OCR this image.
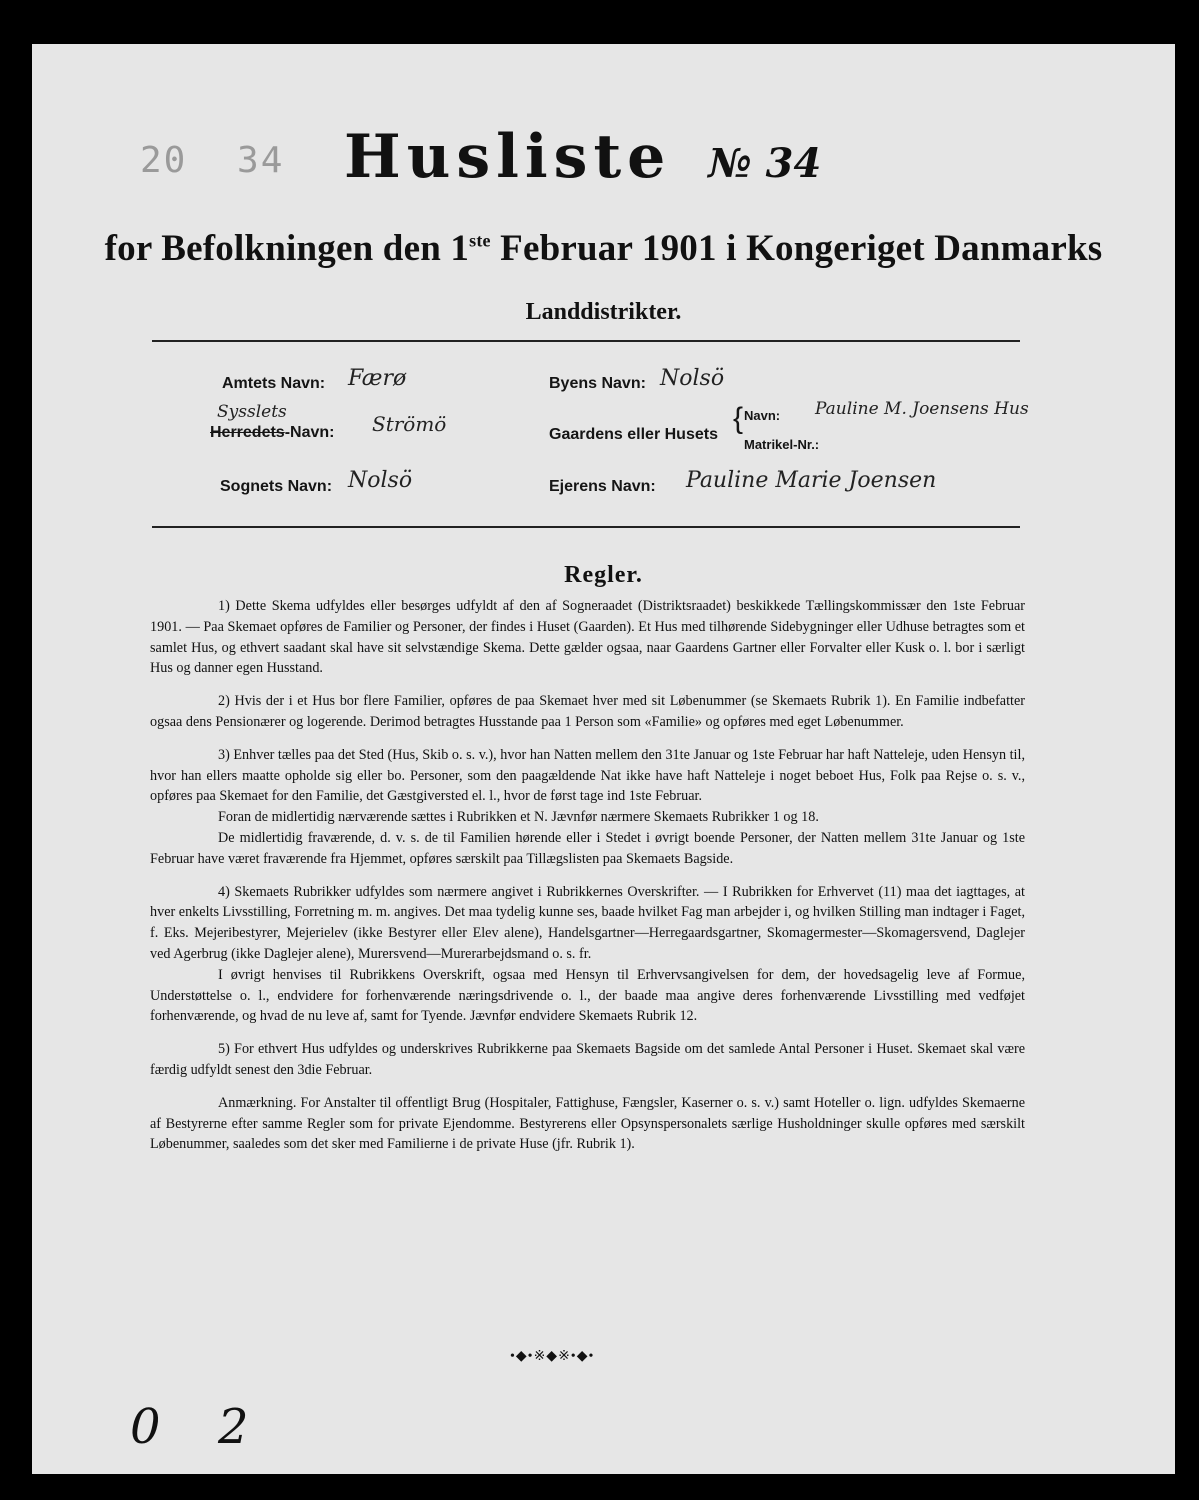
20 34 Husliste № 34
for Befolkningen den 1ste Februar 1901 i Kongeriget Danmarks
Landdistrikter.
Amtets Navn: Færø
Sysslets
Herredets-Navn: Strömö
Sognets Navn: Nolsö
Byens Navn: Nolsö
Gaardens eller Husets { Navn: Pauline M. Joensens Hus
Matrikel-Nr.:
Ejerens Navn: Pauline Marie Joensen
Regler.

1) Dette Skema udfyldes eller besørges udfyldt af den af Sogneraadet (Distriktsraadet) beskikkede Tællingskommissær den 1ste Februar 1901. — Paa Skemaet opføres de Familier og Personer, der findes i Huset (Gaarden). Et Hus med tilhørende Sidebygninger eller Udhuse betragtes som et samlet Hus, og ethvert saadant skal have sit selvstændige Skema. Dette gælder ogsaa, naar Gaardens Gartner eller Forvalter eller Kusk o. l. bor i særligt Hus og danner egen Husstand.

2) Hvis der i et Hus bor flere Familier, opføres de paa Skemaet hver med sit Løbenummer (se Skemaets Rubrik 1). En Familie indbefatter ogsaa dens Pensionærer og logerende. Derimod betragtes Husstande paa 1 Person som «Familie» og opføres med eget Løbenummer.

3) Enhver tælles paa det Sted (Hus, Skib o. s. v.), hvor han Natten mellem den 31te Januar og 1ste Februar har haft Natteleje, uden Hensyn til, hvor han ellers maatte opholde sig eller bo. Personer, som den paagældende Nat ikke have haft Natteleje i noget beboet Hus, Folk paa Rejse o. s. v., opføres paa Skemaet for den Familie, det Gæstgiversted el. l., hvor de først tage ind 1ste Februar.

Foran de midlertidig nærværende sættes i Rubrikken et N. Jævnfør nærmere Skemaets Rubrikker 1 og 18.

De midlertidig fraværende, d. v. s. de til Familien hørende eller i Stedet i øvrigt boende Personer, der Natten mellem 31te Januar og 1ste Februar have været fraværende fra Hjemmet, opføres særskilt paa Tillægslisten paa Skemaets Bagside.

4) Skemaets Rubrikker udfyldes som nærmere angivet i Rubrikkernes Overskrifter. — I Rubrikken for Erhvervet (11) maa det iagttages, at hver enkelts Livsstilling, Forretning m. m. angives. Det maa tydelig kunne ses, baade hvilket Fag man arbejder i, og hvilken Stilling man indtager i Faget, f. Eks. Mejeribestyrer, Mejerielev (ikke Bestyrer eller Elev alene), Handelsgartner—Herregaardsgartner, Skomagermester—Skomagersvend, Daglejer ved Agerbrug (ikke Daglejer alene), Murersvend—Murerarbejdsmand o. s. fr.

I øvrigt henvises til Rubrikkens Overskrift, ogsaa med Hensyn til Erhvervsangivelsen for dem, der hovedsagelig leve af Formue, Understøttelse o. l., endvidere for forhenværende næringsdrivende o. l., der baade maa angive deres forhenværende Livsstilling med vedføjet forhenværende, og hvad de nu leve af, samt for Tyende. Jævnfør endvidere Skemaets Rubrik 12.

5) For ethvert Hus udfyldes og underskrives Rubrikkerne paa Skemaets Bagside om det samlede Antal Personer i Huset. Skemaet skal være færdig udfyldt senest den 3die Februar.

Anmærkning. For Anstalter til offentligt Brug (Hospitaler, Fattighuse, Fængsler, Kaserner o. s. v.) samt Hoteller o. lign. udfyldes Skemaerne af Bestyrerne efter samme Regler som for private Ejendomme. Bestyrerens eller Opsynspersonalets særlige Husholdninger skulle opføres med særskilt Løbenummer, saaledes som det sker med Familierne i de private Huse (jfr. Rubrik 1).

•◆•※◆※•◆•
0 2
